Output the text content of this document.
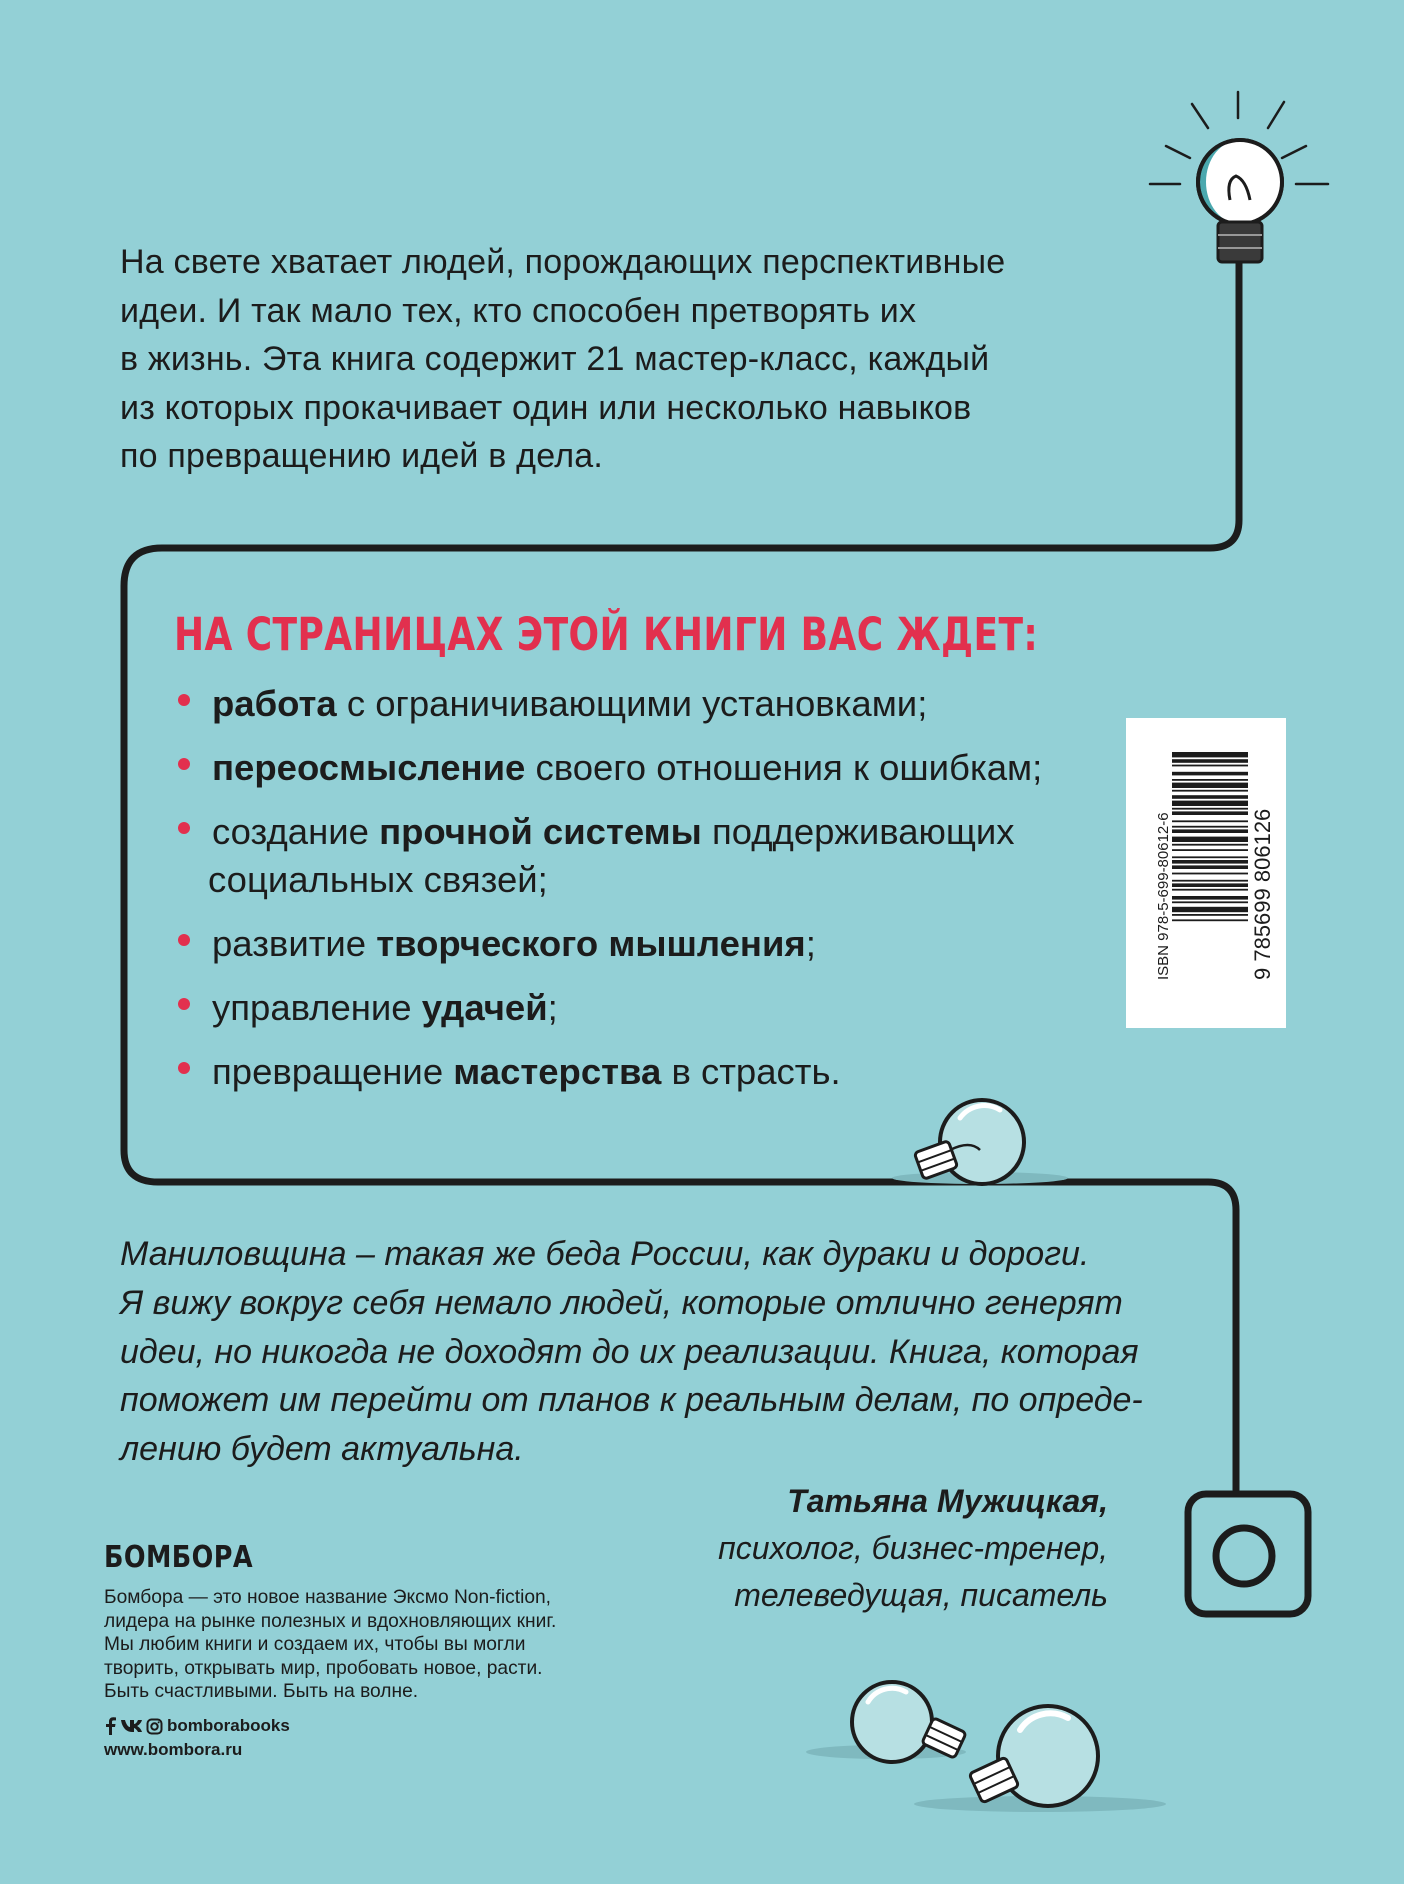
На свете хватает людей, порождающих перспективные
идеи. И так мало тех, кто способен претворять их
в жизнь. Эта книга содержит 21 мастер-класс, каждый
из которых прокачивает один или несколько навыков
по превращению идей в дела.
НА СТРАНИЦАХ ЭТОЙ КНИГИ ВАС ЖДЕТ:
работа с ограничивающими установками;
переосмысление своего отношения к ошибкам;
создание прочной системы поддерживающих
социальных связей;
развитие творческого мышления;
управление удачей;
превращение мастерства в страсть.
9 785699 806126
ISBN 978-5-699-80612-6
Маниловщина – такая же беда России, как дураки и дороги.
Я вижу вокруг себя немало людей, которые отлично генерят
идеи, но никогда не доходят до их реализации. Книга, которая
поможет им перейти от планов к реальным делам, по опреде-
лению будет актуальна.
Татьяна Мужицкая,
психолог, бизнес-тренер,
телеведущая, писатель
БОМБОРА
Бомбора — это новое название Эксмо Non-fiction,
лидера на рынке полезных и вдохновляющих книг.
Мы любим книги и создаем их, чтобы вы могли
творить, открывать мир, пробовать новое, расти.
Быть счастливыми. Быть на волне.
bomborabooks
www.bombora.ru
